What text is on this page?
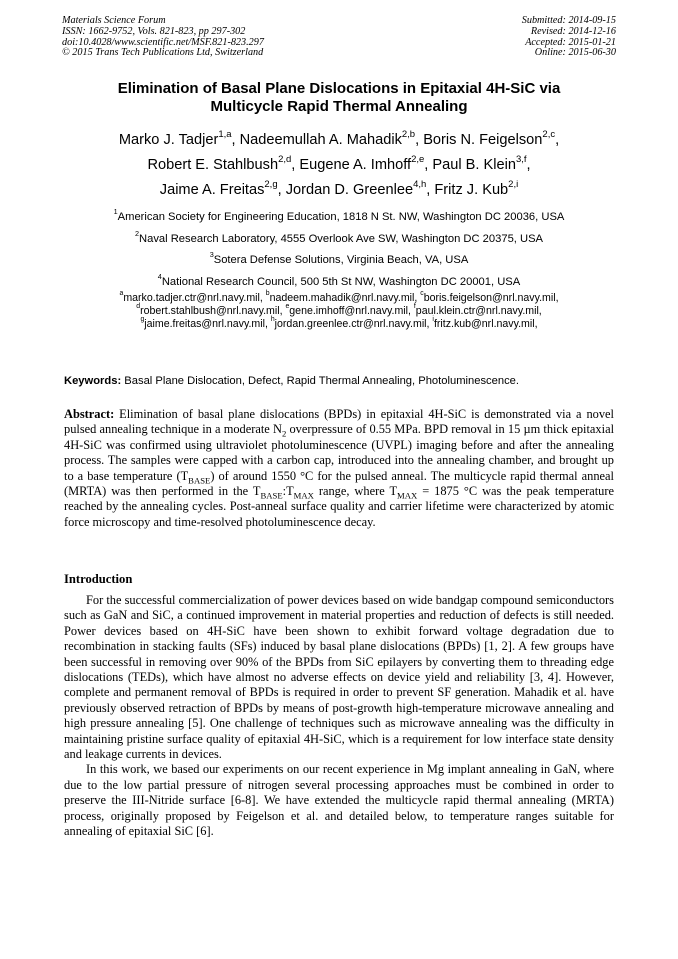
Materials Science Forum
ISSN: 1662-9752, Vols. 821-823, pp 297-302
doi:10.4028/www.scientific.net/MSF.821-823.297
© 2015 Trans Tech Publications Ltd, Switzerland
Submitted: 2014-09-15
Revised: 2014-12-16
Accepted: 2015-01-21
Online: 2015-06-30
Elimination of Basal Plane Dislocations in Epitaxial 4H-SiC via
Multicycle Rapid Thermal Annealing
Marko J. Tadjer$^{1,a}$, Nadeemullah A. Mahadik$^{2,b}$, Boris N. Feigelson$^{2,c}$,
Robert E. Stahlbush$^{2,d}$, Eugene A. Imhoff$^{2,e}$, Paul B. Klein$^{3,f}$,
Jaime A. Freitas$^{2,g}$, Jordan D. Greenlee$^{4,h}$, Fritz J. Kub$^{2,i}$
$^1$American Society for Engineering Education, 1818 N St. NW, Washington DC 20036, USA
$^2$Naval Research Laboratory, 4555 Overlook Ave SW, Washington DC 20375, USA
$^3$Sotera Defense Solutions, Virginia Beach, VA, USA
$^4$National Research Council, 500 5th St NW, Washington DC 20001, USA
$^a$marko.tadjer.ctr@nrl.navy.mil, $^b$nadeem.mahadik@nrl.navy.mil, $^c$boris.feigelson@nrl.navy.mil,
$^d$robert.stahlbush@nrl.navy.mil, $^e$gene.imhoff@nrl.navy.mil, $^f$paul.klein.ctr@nrl.navy.mil,
$^g$jaime.freitas@nrl.navy.mil, $^h$jordan.greenlee.ctr@nrl.navy.mil, $^i$fritz.kub@nrl.navy.mil,
Keywords: Basal Plane Dislocation, Defect, Rapid Thermal Annealing, Photoluminescence.
Abstract: Elimination of basal plane dislocations (BPDs) in epitaxial 4H-SiC is demonstrated via a novel pulsed annealing technique in a moderate $N_2$ overpressure of 0.55 MPa. BPD removal in 15 µm thick epitaxial 4H-SiC was confirmed using ultraviolet photoluminescence (UVPL) imaging before and after the annealing process. The samples were capped with a carbon cap, introduced into the annealing chamber, and brought up to a base temperature $(T_{BASE})$ of around 1550 °C for the pulsed anneal. The multicycle rapid thermal anneal (MRTA) was then performed in the $T_{BASE}:T_{MAX}$ range, where $T_{MAX} = 1875$ °C was the peak temperature reached by the annealing cycles. Post-anneal surface quality and carrier lifetime were characterized by atomic force microscopy and time-resolved photoluminescence decay.
Introduction

For the successful commercialization of power devices based on wide bandgap compound semiconductors such as GaN and SiC, a continued improvement in material properties and reduction of defects is still needed. Power devices based on 4H-SiC have been shown to exhibit forward voltage degradation due to recombination in stacking faults (SFs) induced by basal plane dislocations (BPDs) [1, 2]. A few groups have been successful in removing over 90% of the BPDs from SiC epilayers by converting them to threading edge dislocations (TEDs), which have almost no adverse effects on device yield and reliability [3, 4]. However, complete and permanent removal of BPDs is required in order to prevent SF generation. Mahadik et al. have previously observed retraction of BPDs by means of post-growth high-temperature microwave annealing and high pressure annealing [5]. One challenge of techniques such as microwave annealing was the difficulty in maintaining pristine surface quality of epitaxial 4H-SiC, which is a requirement for low interface state density and leakage currents in devices.

In this work, we based our experiments on our recent experience in Mg implant annealing in GaN, where due to the low partial pressure of nitrogen several processing approaches must be combined in order to preserve the III-Nitride surface [6-8]. We have extended the multicycle rapid thermal annealing (MRTA) process, originally proposed by Feigelson et al. and detailed below, to temperature ranges suitable for annealing of epitaxial SiC [6].
